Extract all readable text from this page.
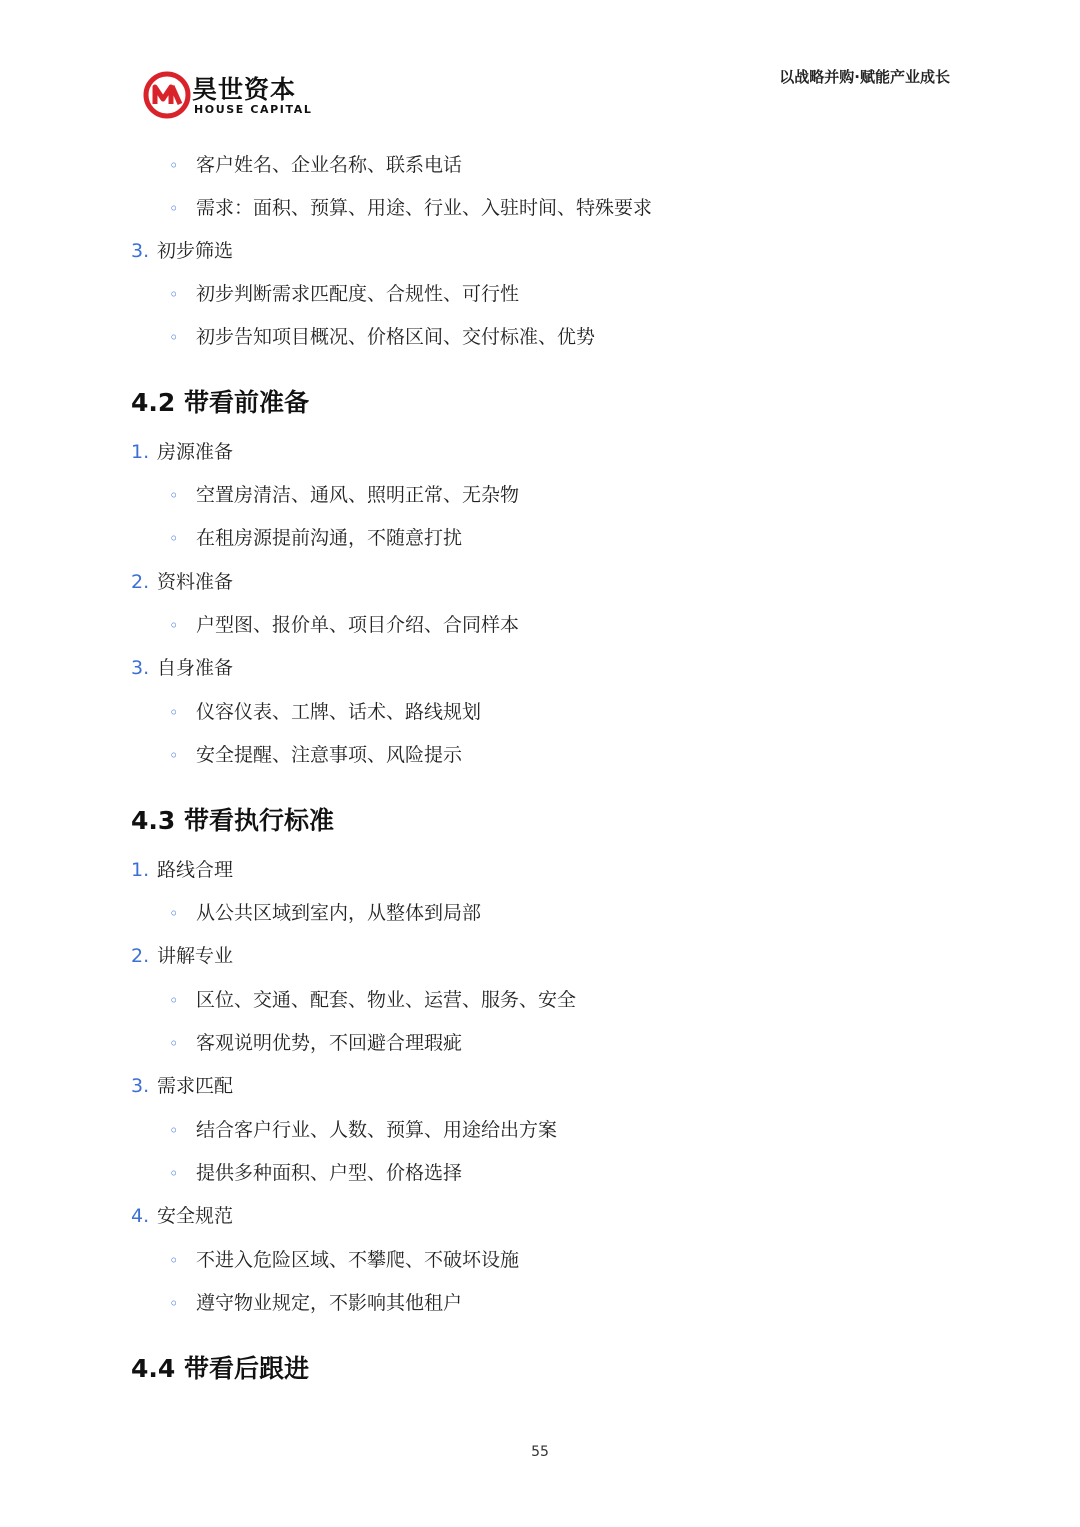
昊世资本
HOUSE CAPITAL
以战略并购·赋能产业成长
◦ 客户姓名、企业名称、联系电话
◦ 需求：面积、预算、用途、行业、入驻时间、特殊要求
3. 初步筛选
◦ 初步判断需求匹配度、合规性、可行性
◦ 初步告知项目概况、价格区间、交付标准、优势
4.2 带看前准备
1. 房源准备
◦ 空置房清洁、通风、照明正常、无杂物
◦ 在租房源提前沟通，不随意打扰
2. 资料准备
◦ 户型图、报价单、项目介绍、合同样本
3. 自身准备
◦ 仪容仪表、工牌、话术、路线规划
◦ 安全提醒、注意事项、风险提示
4.3 带看执行标准
1. 路线合理
◦ 从公共区域到室内，从整体到局部
2. 讲解专业
◦ 区位、交通、配套、物业、运营、服务、安全
◦ 客观说明优势，不回避合理瑕疵
3. 需求匹配
◦ 结合客户行业、人数、预算、用途给出方案
◦ 提供多种面积、户型、价格选择
4. 安全规范
◦ 不进入危险区域、不攀爬、不破坏设施
◦ 遵守物业规定，不影响其他租户
4.4 带看后跟进
55
